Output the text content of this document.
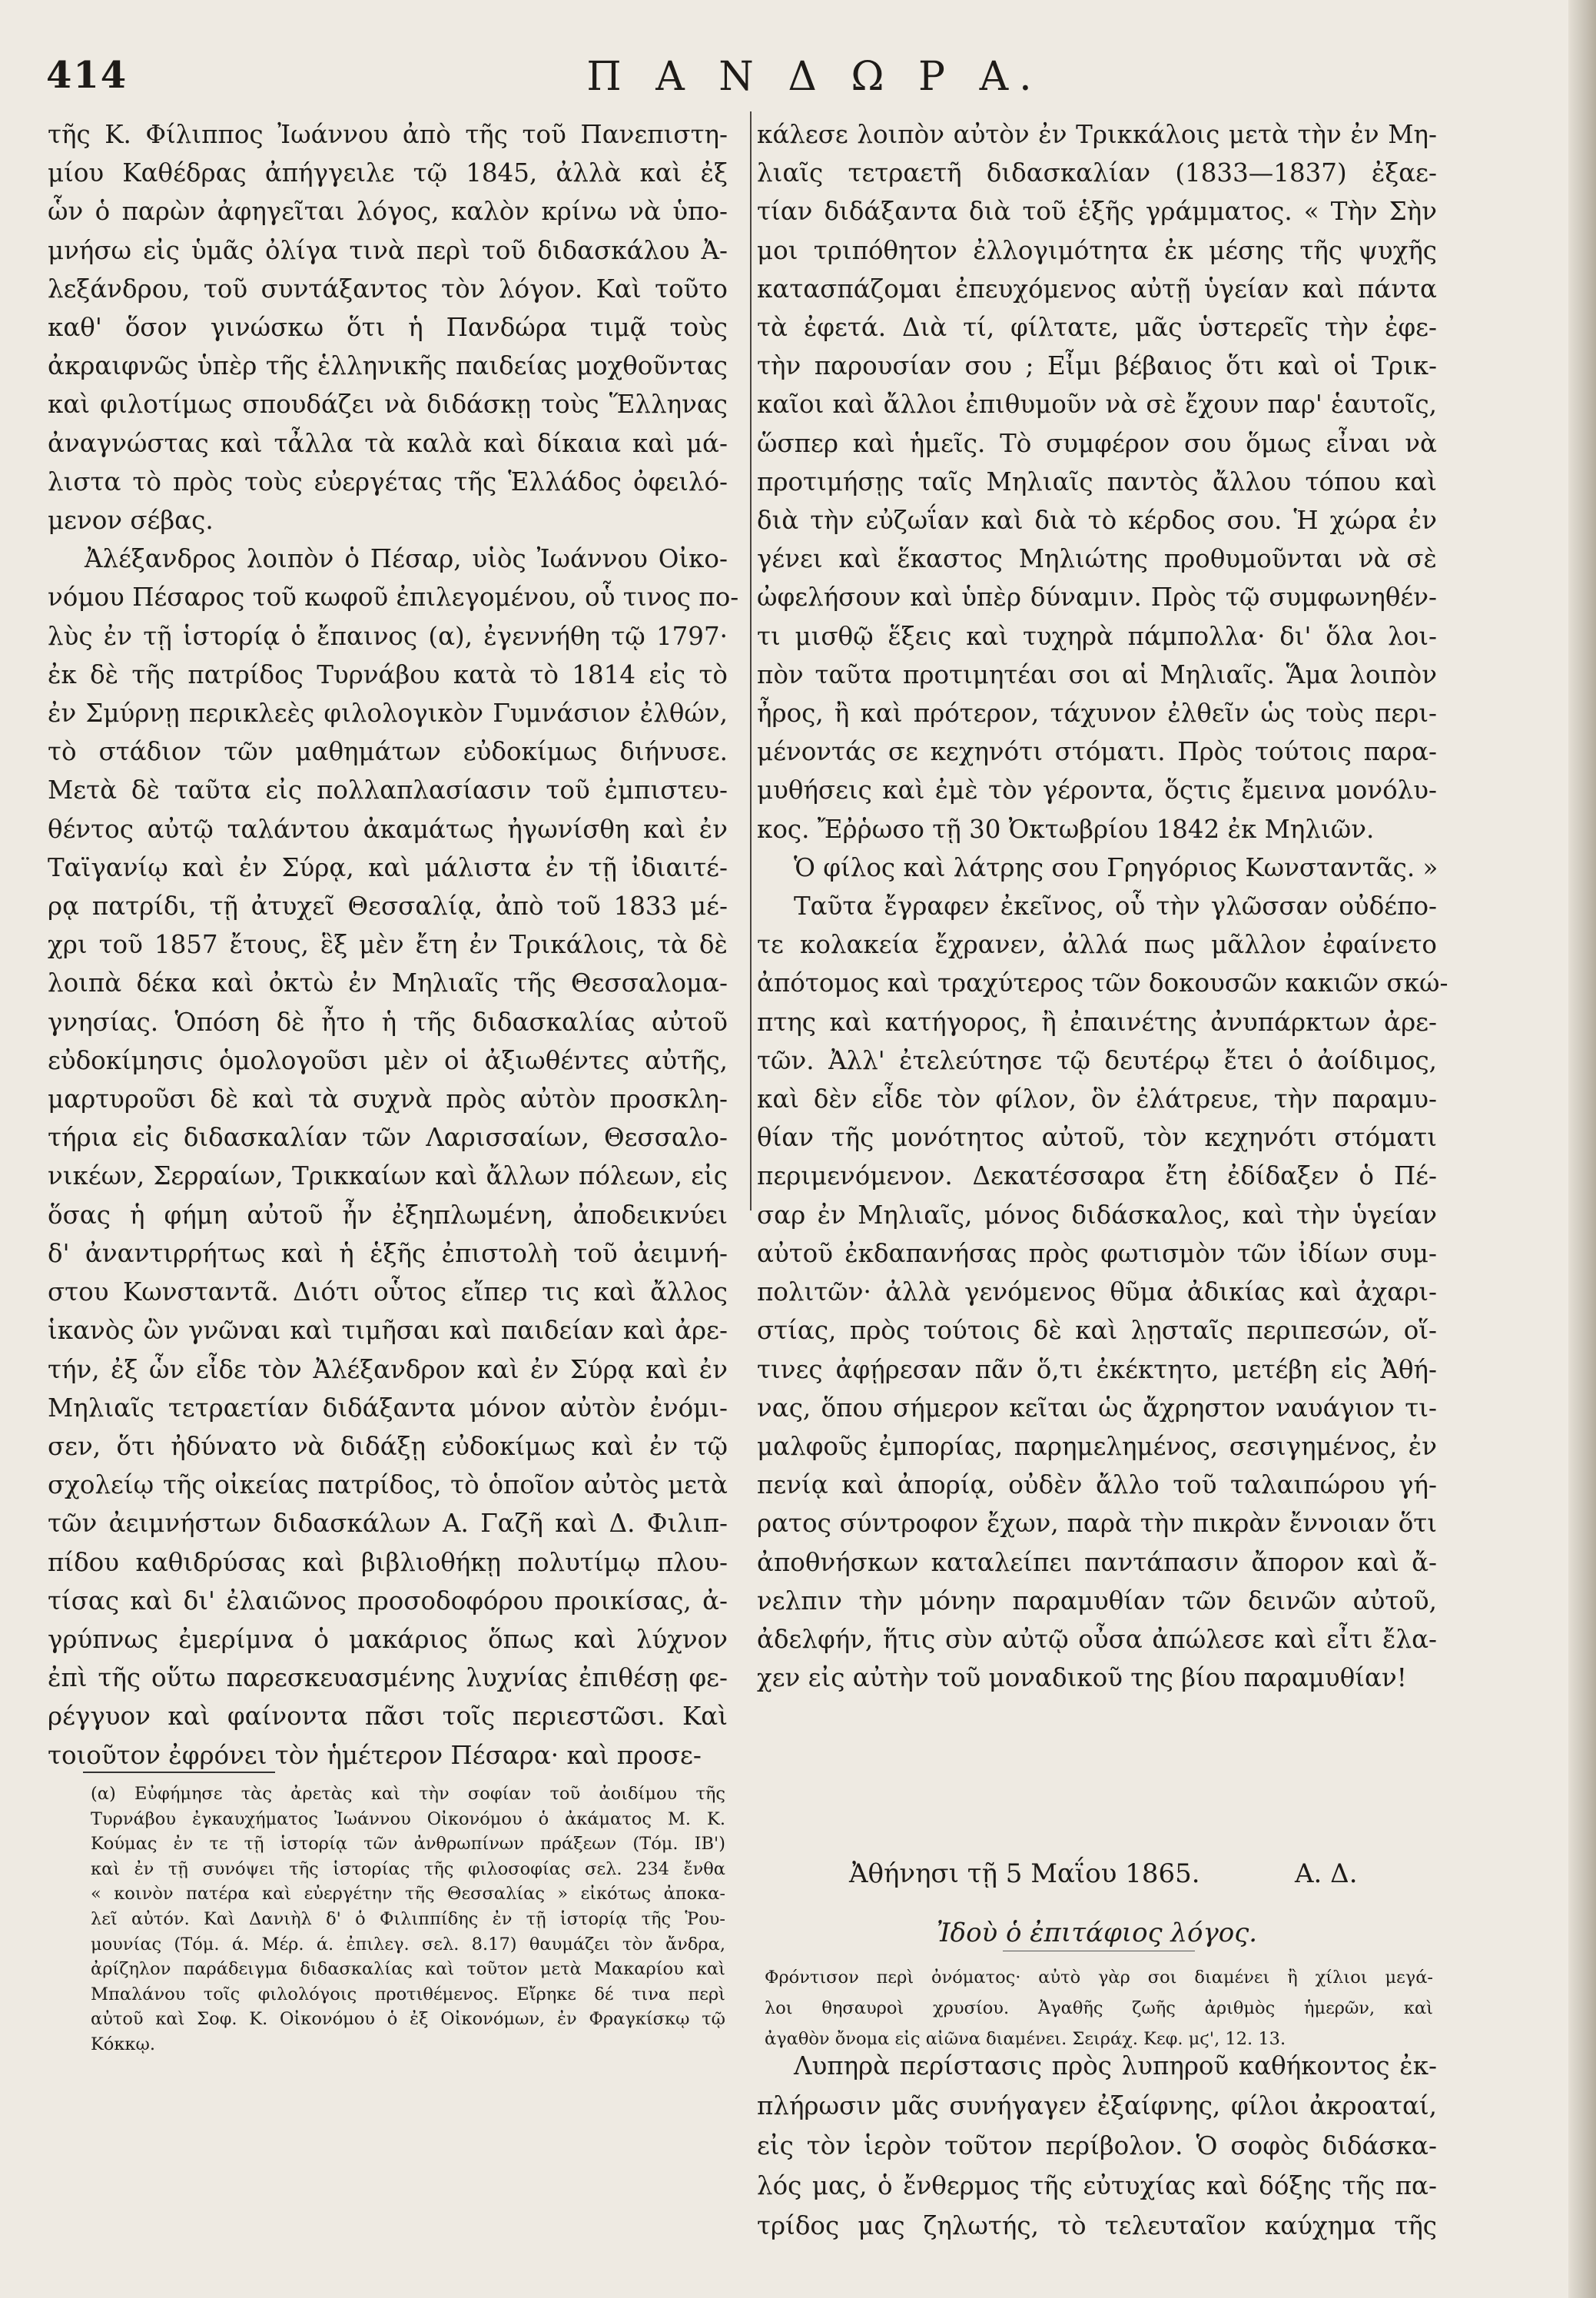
414	Π Α Ν Δ Ω Ρ Α.
τῆς Κ. Φίλιππος Ἰωάννου ἀπὸ τῆς τοῦ Πανεπιστη-
μίου Καθέδρας ἀπήγγειλε τῷ 1845, ἀλλὰ καὶ ἐξ
ὧν ὁ παρὼν ἀφηγεῖται λόγος, καλὸν κρίνω νὰ ὑπο-
μνήσω εἰς ὑμᾶς ὀλίγα τινὰ περὶ τοῦ διδασκάλου Ἀ-
λεξάνδρου, τοῦ συντάξαντος τὸν λόγον. Καὶ τοῦτο
καθ' ὅσον γινώσκω ὅτι ἡ Πανδώρα τιμᾷ τοὺς
ἀκραιφνῶς ὑπὲρ τῆς ἑλληνικῆς παιδείας μοχθοῦντας
καὶ φιλοτίμως σπουδάζει νὰ διδάσκῃ τοὺς Ἕλληνας
ἀναγνώστας καὶ τἆλλα τὰ καλὰ καὶ δίκαια καὶ μά-
λιστα τὸ πρὸς τοὺς εὐεργέτας τῆς Ἑλλάδος ὀφειλό-
μενον σέβας.
Ἀλέξανδρος λοιπὸν ὁ Πέσαρ, υἱὸς Ἰωάννου Οἰκο-
νόμου Πέσαρος τοῦ κωφοῦ ἐπιλεγομένου, οὗ τινος πο-
λὺς ἐν τῇ ἱστορίᾳ ὁ ἔπαινος (α), ἐγεννήθη τῷ 1797·
ἐκ δὲ τῆς πατρίδος Τυρνάβου κατὰ τὸ 1814 εἰς τὸ
ἐν Σμύρνῃ περικλεὲς φιλολογικὸν Γυμνάσιον ἐλθών,
τὸ στάδιον τῶν μαθημάτων εὐδοκίμως διήνυσε.
Μετὰ δὲ ταῦτα εἰς πολλαπλασίασιν τοῦ ἐμπιστευ-
θέντος αὐτῷ ταλάντου ἀκαμάτως ἠγωνίσθη καὶ ἐν
Ταϊγανίῳ καὶ ἐν Σύρᾳ, καὶ μάλιστα ἐν τῇ ἰδιαιτέ-
ρᾳ πατρίδι, τῇ ἀτυχεῖ Θεσσαλίᾳ, ἀπὸ τοῦ 1833 μέ-
χρι τοῦ 1857 ἔτους, ἓξ μὲν ἔτη ἐν Τρικάλοις, τὰ δὲ
λοιπὰ δέκα καὶ ὀκτὼ ἐν Μηλιαῖς τῆς Θεσσαλομα-
γνησίας. Ὁπόση δὲ ἦτο ἡ τῆς διδασκαλίας αὐτοῦ
εὐδοκίμησις ὁμολογοῦσι μὲν οἱ ἀξιωθέντες αὐτῆς,
μαρτυροῦσι δὲ καὶ τὰ συχνὰ πρὸς αὐτὸν προσκλη-
τήρια εἰς διδασκαλίαν τῶν Λαρισσαίων, Θεσσαλο-
νικέων, Σερραίων, Τρικκαίων καὶ ἄλλων πόλεων, εἰς
ὅσας ἡ φήμη αὐτοῦ ἦν ἐξηπλωμένη, ἀποδεικνύει
δ' ἀναντιρρήτως καὶ ἡ ἑξῆς ἐπιστολὴ τοῦ ἀειμνή-
στου Κωνσταντᾶ. Διότι οὗτος εἴπερ τις καὶ ἄλλος
ἱκανὸς ὢν γνῶναι καὶ τιμῆσαι καὶ παιδείαν καὶ ἀρε-
τήν, ἐξ ὧν εἶδε τὸν Ἀλέξανδρον καὶ ἐν Σύρᾳ καὶ ἐν
Μηλιαῖς τετραετίαν διδάξαντα μόνον αὐτὸν ἐνόμι-
σεν, ὅτι ἠδύνατο νὰ διδάξῃ εὐδοκίμως καὶ ἐν τῷ
σχολείῳ τῆς οἰκείας πατρίδος, τὸ ὁποῖον αὐτὸς μετὰ
τῶν ἀειμνήστων διδασκάλων Α. Γαζῆ καὶ Δ. Φιλιπ-
πίδου καθιδρύσας καὶ βιβλιοθήκῃ πολυτίμῳ πλου-
τίσας καὶ δι' ἐλαιῶνος προσοδοφόρου προικίσας, ἀ-
γρύπνως ἐμερίμνα ὁ μακάριος ὅπως καὶ λύχνον
ἐπὶ τῆς οὕτω παρεσκευασμένης λυχνίας ἐπιθέσῃ φε-
ρέγγυον καὶ φαίνοντα πᾶσι τοῖς περιεστῶσι. Καὶ
τοιοῦτον ἐφρόνει τὸν ἡμέτερον Πέσαρα· καὶ προσε-
κάλεσε λοιπὸν αὐτὸν ἐν Τρικκάλοις μετὰ τὴν ἐν Μη-
λιαῖς τετραετῆ διδασκαλίαν (1833—1837) ἐξαε-
τίαν διδάξαντα διὰ τοῦ ἑξῆς γράμματος. « Τὴν Σὴν
μοι τριπόθητον ἐλλογιμότητα ἐκ μέσης τῆς ψυχῆς
κατασπάζομαι ἐπευχόμενος αὐτῇ ὑγείαν καὶ πάντα
τὰ ἐφετά. Διὰ τί, φίλτατε, μᾶς ὑστερεῖς τὴν ἐφε-
τὴν παρουσίαν σου ; Εἶμι βέβαιος ὅτι καὶ οἱ Τρικ-
καῖοι καὶ ἄλλοι ἐπιθυμοῦν νὰ σὲ ἔχουν παρ' ἑαυτοῖς,
ὥσπερ καὶ ἡμεῖς. Τὸ συμφέρον σου ὅμως εἶναι νὰ
προτιμήσῃς ταῖς Μηλιαῖς παντὸς ἄλλου τόπου καὶ
διὰ τὴν εὐζωΐαν καὶ διὰ τὸ κέρδος σου. Ἡ χώρα ἐν
γένει καὶ ἕκαστος Μηλιώτης προθυμοῦνται νὰ σὲ
ὠφελήσουν καὶ ὑπὲρ δύναμιν. Πρὸς τῷ συμφωνηθέν-
τι μισθῷ ἕξεις καὶ τυχηρὰ πάμπολλα· δι' ὅλα λοι-
πὸν ταῦτα προτιμητέαι σοι αἱ Μηλιαῖς. Ἅμα λοιπὸν
ἦρος, ἢ καὶ πρότερον, τάχυνον ἐλθεῖν ὡς τοὺς περι-
μένοντάς σε κεχηνότι στόματι. Πρὸς τούτοις παρα-
μυθήσεις καὶ ἐμὲ τὸν γέροντα, ὅςτις ἔμεινα μονόλυ-
κος. Ἔῤῥωσο τῇ 30 Ὀκτωβρίου 1842 ἐκ Μηλιῶν.
Ὁ φίλος καὶ λάτρης σου Γρηγόριος Κωνσταντᾶς. »
Ταῦτα ἔγραφεν ἐκεῖνος, οὗ τὴν γλῶσσαν οὐδέπο-
τε κολακεία ἔχρανεν, ἀλλά πως μᾶλλον ἐφαίνετο
ἀπότομος καὶ τραχύτερος τῶν δοκουσῶν κακιῶν σκώ-
πτης καὶ κατήγορος, ἢ ἐπαινέτης ἀνυπάρκτων ἀρε-
τῶν. Ἀλλ' ἐτελεύτησε τῷ δευτέρῳ ἔτει ὁ ἀοίδιμος,
καὶ δὲν εἶδε τὸν φίλον, ὃν ἐλάτρευε, τὴν παραμυ-
θίαν τῆς μονότητος αὐτοῦ, τὸν κεχηνότι στόματι
περιμενόμενον. Δεκατέσσαρα ἔτη ἐδίδαξεν ὁ Πέ-
σαρ ἐν Μηλιαῖς, μόνος διδάσκαλος, καὶ τὴν ὑγείαν
αὐτοῦ ἐκδαπανήσας πρὸς φωτισμὸν τῶν ἰδίων συμ-
πολιτῶν· ἀλλὰ γενόμενος θῦμα ἀδικίας καὶ ἀχαρι-
στίας, πρὸς τούτοις δὲ καὶ λῃσταῖς περιπεσών, οἵ-
τινες ἀφῄρεσαν πᾶν ὅ,τι ἐκέκτητο, μετέβη εἰς Ἀθή-
νας, ὅπου σήμερον κεῖται ὡς ἄχρηστον ναυάγιον τι-
μαλφοῦς ἐμπορίας, παρημελημένος, σεσιγημένος, ἐν
πενίᾳ καὶ ἀπορίᾳ, οὐδὲν ἄλλο τοῦ ταλαιπώρου γή-
ρατος σύντροφον ἔχων, παρὰ τὴν πικρὰν ἔννοιαν ὅτι
ἀποθνήσκων καταλείπει παντάπασιν ἄπορον καὶ ἄ-
νελπιν τὴν μόνην παραμυθίαν τῶν δεινῶν αὐτοῦ,
ἀδελφήν, ἥτις σὺν αὐτῷ οὖσα ἀπώλεσε καὶ εἶτι ἔλα-
χεν εἰς αὐτὴν τοῦ μοναδικοῦ της βίου παραμυθίαν!
(α) Εὐφήμησε τὰς ἀρετὰς καὶ τὴν σοφίαν τοῦ ἀοιδίμου τῆς
Τυρνάβου ἐγκαυχήματος Ἰωάννου Οἰκονόμου ὁ ἀκάματος Μ. Κ.
Κούμας ἐν τε τῇ ἱστορίᾳ τῶν ἀνθρωπίνων πράξεων (Τόμ. ΙΒ')
καὶ ἐν τῇ συνόψει τῆς ἱστορίας τῆς φιλοσοφίας σελ. 234 ἔνθα
« κοινὸν πατέρα καὶ εὐεργέτην τῆς Θεσσαλίας » εἰκότως ἀποκα-
λεῖ αὐτόν. Καὶ Δανιὴλ δ' ὁ Φιλιππίδης ἐν τῇ ἱστορίᾳ τῆς Ῥου-
μουνίας (Τόμ. ά. Μέρ. ά. ἐπιλεγ. σελ. 8.17) θαυμάζει τὸν ἄνδρα,
ἀρίζηλον παράδειγμα διδασκαλίας καὶ τοῦτον μετὰ Μακαρίου καὶ
Μπαλάνου τοῖς φιλολόγοις προτιθέμενος. Εἴρηκε δέ τινα περὶ
αὐτοῦ καὶ Σοφ. Κ. Οἰκονόμου ὁ ἐξ Οἰκονόμων, ἐν Φραγκίσκῳ τῷ
Κόκκῳ.
Ἀθήνησι τῇ 5 Μαΐου 1865.	Α. Δ.
Ἰδοὺ ὁ ἐπιτάφιος λόγος.
Φρόντισον περὶ ὀνόματος· αὐτὸ γὰρ σοι διαμένει ἢ χίλιοι μεγά-
λοι θησαυροὶ χρυσίου. Ἀγαθῆς ζωῆς ἀριθμὸς ἡμερῶν, καὶ
ἀγαθὸν ὄνομα εἰς αἰῶνα διαμένει. Σειράχ. Κεφ. μϛ', 12. 13.
Λυπηρὰ περίστασις πρὸς λυπηροῦ καθήκοντος ἐκ-
πλήρωσιν μᾶς συνήγαγεν ἐξαίφνης, φίλοι ἀκροαταί,
εἰς τὸν ἱερὸν τοῦτον περίβολον. Ὁ σοφὸς διδάσκα-
λός μας, ὁ ἔνθερμος τῆς εὐτυχίας καὶ δόξης τῆς πα-
τρίδος μας ζηλωτής, τὸ τελευταῖον καύχημα τῆς
